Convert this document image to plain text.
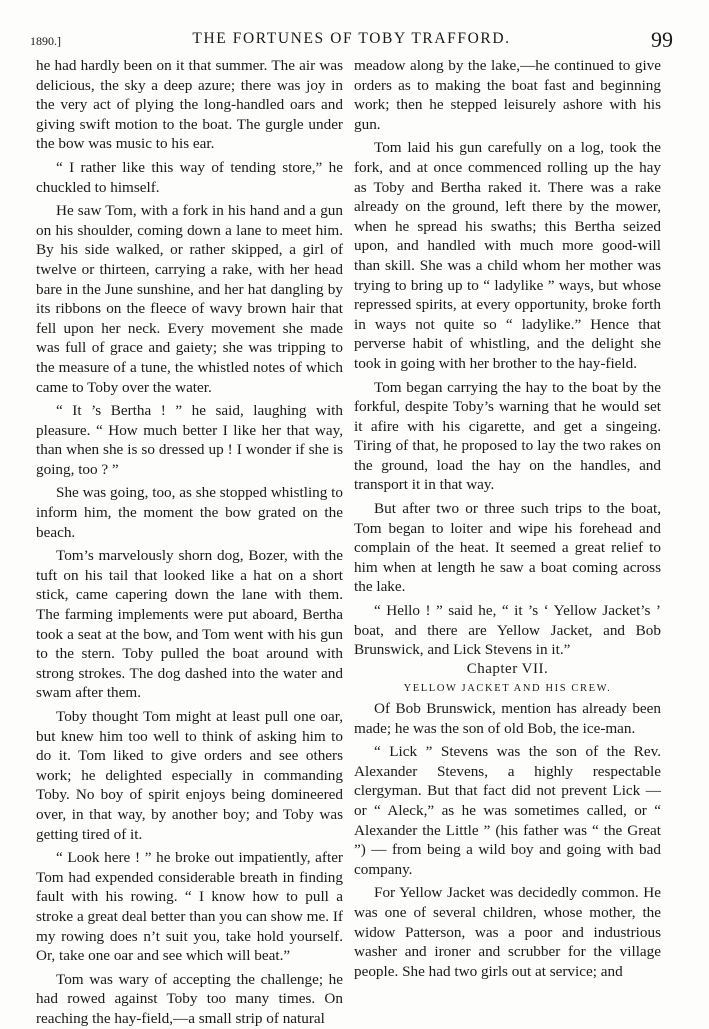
1890.]	THE FORTUNES OF TOBY TRAFFORD.	99

he had hardly been on it that summer. The air was delicious, the sky a deep azure; there was joy in the very act of plying the long-handled oars and giving swift motion to the boat. The gurgle under the bow was music to his ear.

“ I rather like this way of tending store,” he chuckled to himself.

He saw Tom, with a fork in his hand and a gun on his shoulder, coming down a lane to meet him. By his side walked, or rather skipped, a girl of twelve or thirteen, carrying a rake, with her head bare in the June sunshine, and her hat dangling by its ribbons on the fleece of wavy brown hair that fell upon her neck. Every movement she made was full of grace and gaiety; she was tripping to the measure of a tune, the whistled notes of which came to Toby over the water.

“ It ’s Bertha ! ” he said, laughing with pleasure. “ How much better I like her that way, than when she is so dressed up ! I wonder if she is going, too ? ”

She was going, too, as she stopped whistling to inform him, the moment the bow grated on the beach.

Tom’s marvelously shorn dog, Bozer, with the tuft on his tail that looked like a hat on a short stick, came capering down the lane with them. The farming implements were put aboard, Bertha took a seat at the bow, and Tom went with his gun to the stern. Toby pulled the boat around with strong strokes. The dog dashed into the water and swam after them.

Toby thought Tom might at least pull one oar, but knew him too well to think of asking him to do it. Tom liked to give orders and see others work; he delighted especially in commanding Toby. No boy of spirit enjoys being domineered over, in that way, by another boy; and Toby was getting tired of it.

“ Look here ! ” he broke out impatiently, after Tom had expended considerable breath in finding fault with his rowing. “ I know how to pull a stroke a great deal better than you can show me. If my rowing does n’t suit you, take hold yourself. Or, take one oar and see which will beat.”

Tom was wary of accepting the challenge; he had rowed against Toby too many times. On reaching the hay-field,—a small strip of natural

meadow along by the lake,—he continued to give orders as to making the boat fast and beginning work; then he stepped leisurely ashore with his gun.

Tom laid his gun carefully on a log, took the fork, and at once commenced rolling up the hay as Toby and Bertha raked it. There was a rake already on the ground, left there by the mower, when he spread his swaths; this Bertha seized upon, and handled with much more good-will than skill. She was a child whom her mother was trying to bring up to “ ladylike ” ways, but whose repressed spirits, at every opportunity, broke forth in ways not quite so “ ladylike.” Hence that perverse habit of whistling, and the delight she took in going with her brother to the hay-field.

Tom began carrying the hay to the boat by the forkful, despite Toby’s warning that he would set it afire with his cigarette, and get a singeing. Tiring of that, he proposed to lay the two rakes on the ground, load the hay on the handles, and transport it in that way.

But after two or three such trips to the boat, Tom began to loiter and wipe his forehead and complain of the heat. It seemed a great relief to him when at length he saw a boat coming across the lake.

“ Hello ! ” said he, “ it ’s ‘ Yellow Jacket’s ’ boat, and there are Yellow Jacket, and Bob Brunswick, and Lick Stevens in it.”

Chapter VII.

YELLOW JACKET AND HIS CREW.

Of Bob Brunswick, mention has already been made; he was the son of old Bob, the ice-man.

“ Lick ” Stevens was the son of the Rev. Alexander Stevens, a highly respectable clergyman. But that fact did not prevent Lick — or “ Aleck,” as he was sometimes called, or “ Alexander the Little ” (his father was “ the Great ”) — from being a wild boy and going with bad company.

For Yellow Jacket was decidedly common. He was one of several children, whose mother, the widow Patterson, was a poor and industrious washer and ironer and scrubber for the village people. She had two girls out at service; and
